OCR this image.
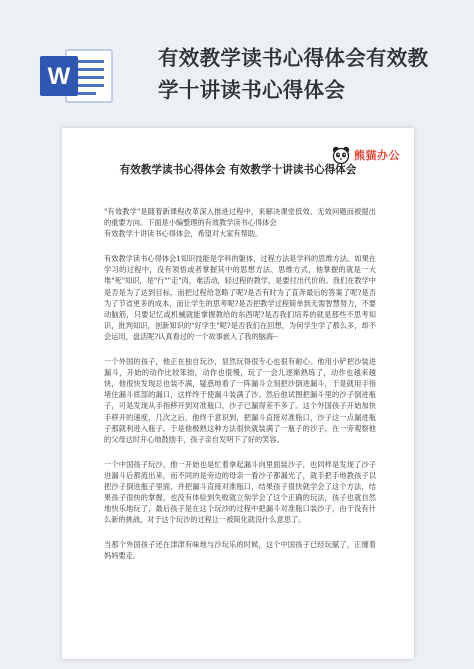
W
有效教学读书心得体会有效教
学十讲读书心得体会
熊猫办公
有效教学读书心得体会 有效教学十讲读书心得体会

"有效教学"是随着新课程改革深入推进过程中，来解决课堂低效、无效问题而被提出的重要方向。下面是小编整理的有效教学读书心得体会
有效教学十讲读书心得体会，希望对大家有帮助。

有效教学读书心得体会1知识技能是学科的躯体，过程方法是学科的思维方法。如果在学习的过程中，没有领悟或者掌握其中的思想方法、思维方式，他掌握的就是一大堆"死"知识，是"行""走"肉，难活动，轻过程的教学，是要付出代价的。我们在教学中是否是为了达到目标，而把过程给忽略了呢?是否有时为了直奔最后的答案了呢?是否为了节省更多的成本，而让学生的思考呢?是否把教学过程简单到无需智慧努力，不要动脑筋，只要记忆或机械就能掌握教给的东西呢?是否我们培养的就是那些不思考知识，批判知识，创新知识的"好学生"呢?是否我们在回想，为何学生学了都么多，却不会运用，盘活呢?认真看过的一个故事嵌入了我的脑海--

一个外国的孩子，他正在独自玩沙，显然玩得很专心也很有耐心。他用小铲把沙装进漏斗，开始的动作比较笨拙，动作也很慢，玩了一会儿逐渐熟练了，动作也越来越快，他很快发现总也装不满，疑惑地看了一阵漏斗立刻把沙倒进漏斗，于是就用手指堵住漏斗底部的漏口，这样终于使漏斗装满了沙。然后他试图把漏斗里的沙子倒进瓶子，可是发现从手指移开到对准瓶口，沙子已漏得差不多了。这个外国孩子开始加快手移开的速度，几次之后，他终于意识到，把漏斗直接对准瓶口，沙子这一点漏进瓶子那就利进入瓶子。于是他极熟这种方法很快就装满了一瓶子的沙子，在一旁观察他的父母这时开心地鼓励手，孩子亲自发明下了好的笑容。

一个中国孩子玩沙，他一开始也是忙着拿起漏斗向里面装沙子，也同样是发现了沙子进漏斗后都流出来，而不同的是旁边的母亲一看沙子都漏光了，就手把手地教孩子以把沙子倒进瓶子里面，并把漏斗直接对准瓶口，结果孩子很快就学会了这个方法，结果孩子很快的掌握，也没有体验到失败就立刻学会了这个正确的玩法，孩子也就自然地快乐地玩了，最后孩子是在这个玩沙的过程中把漏斗对准瓶口装沙子，由于没有什么新的挑战，对于这个玩沙的过程让一被简化就没什么意思了。

当那个外国孩子还在津津有味地与沙玩乐的时候，这个中国孩子已经玩腻了，正缠着妈妈要走。
